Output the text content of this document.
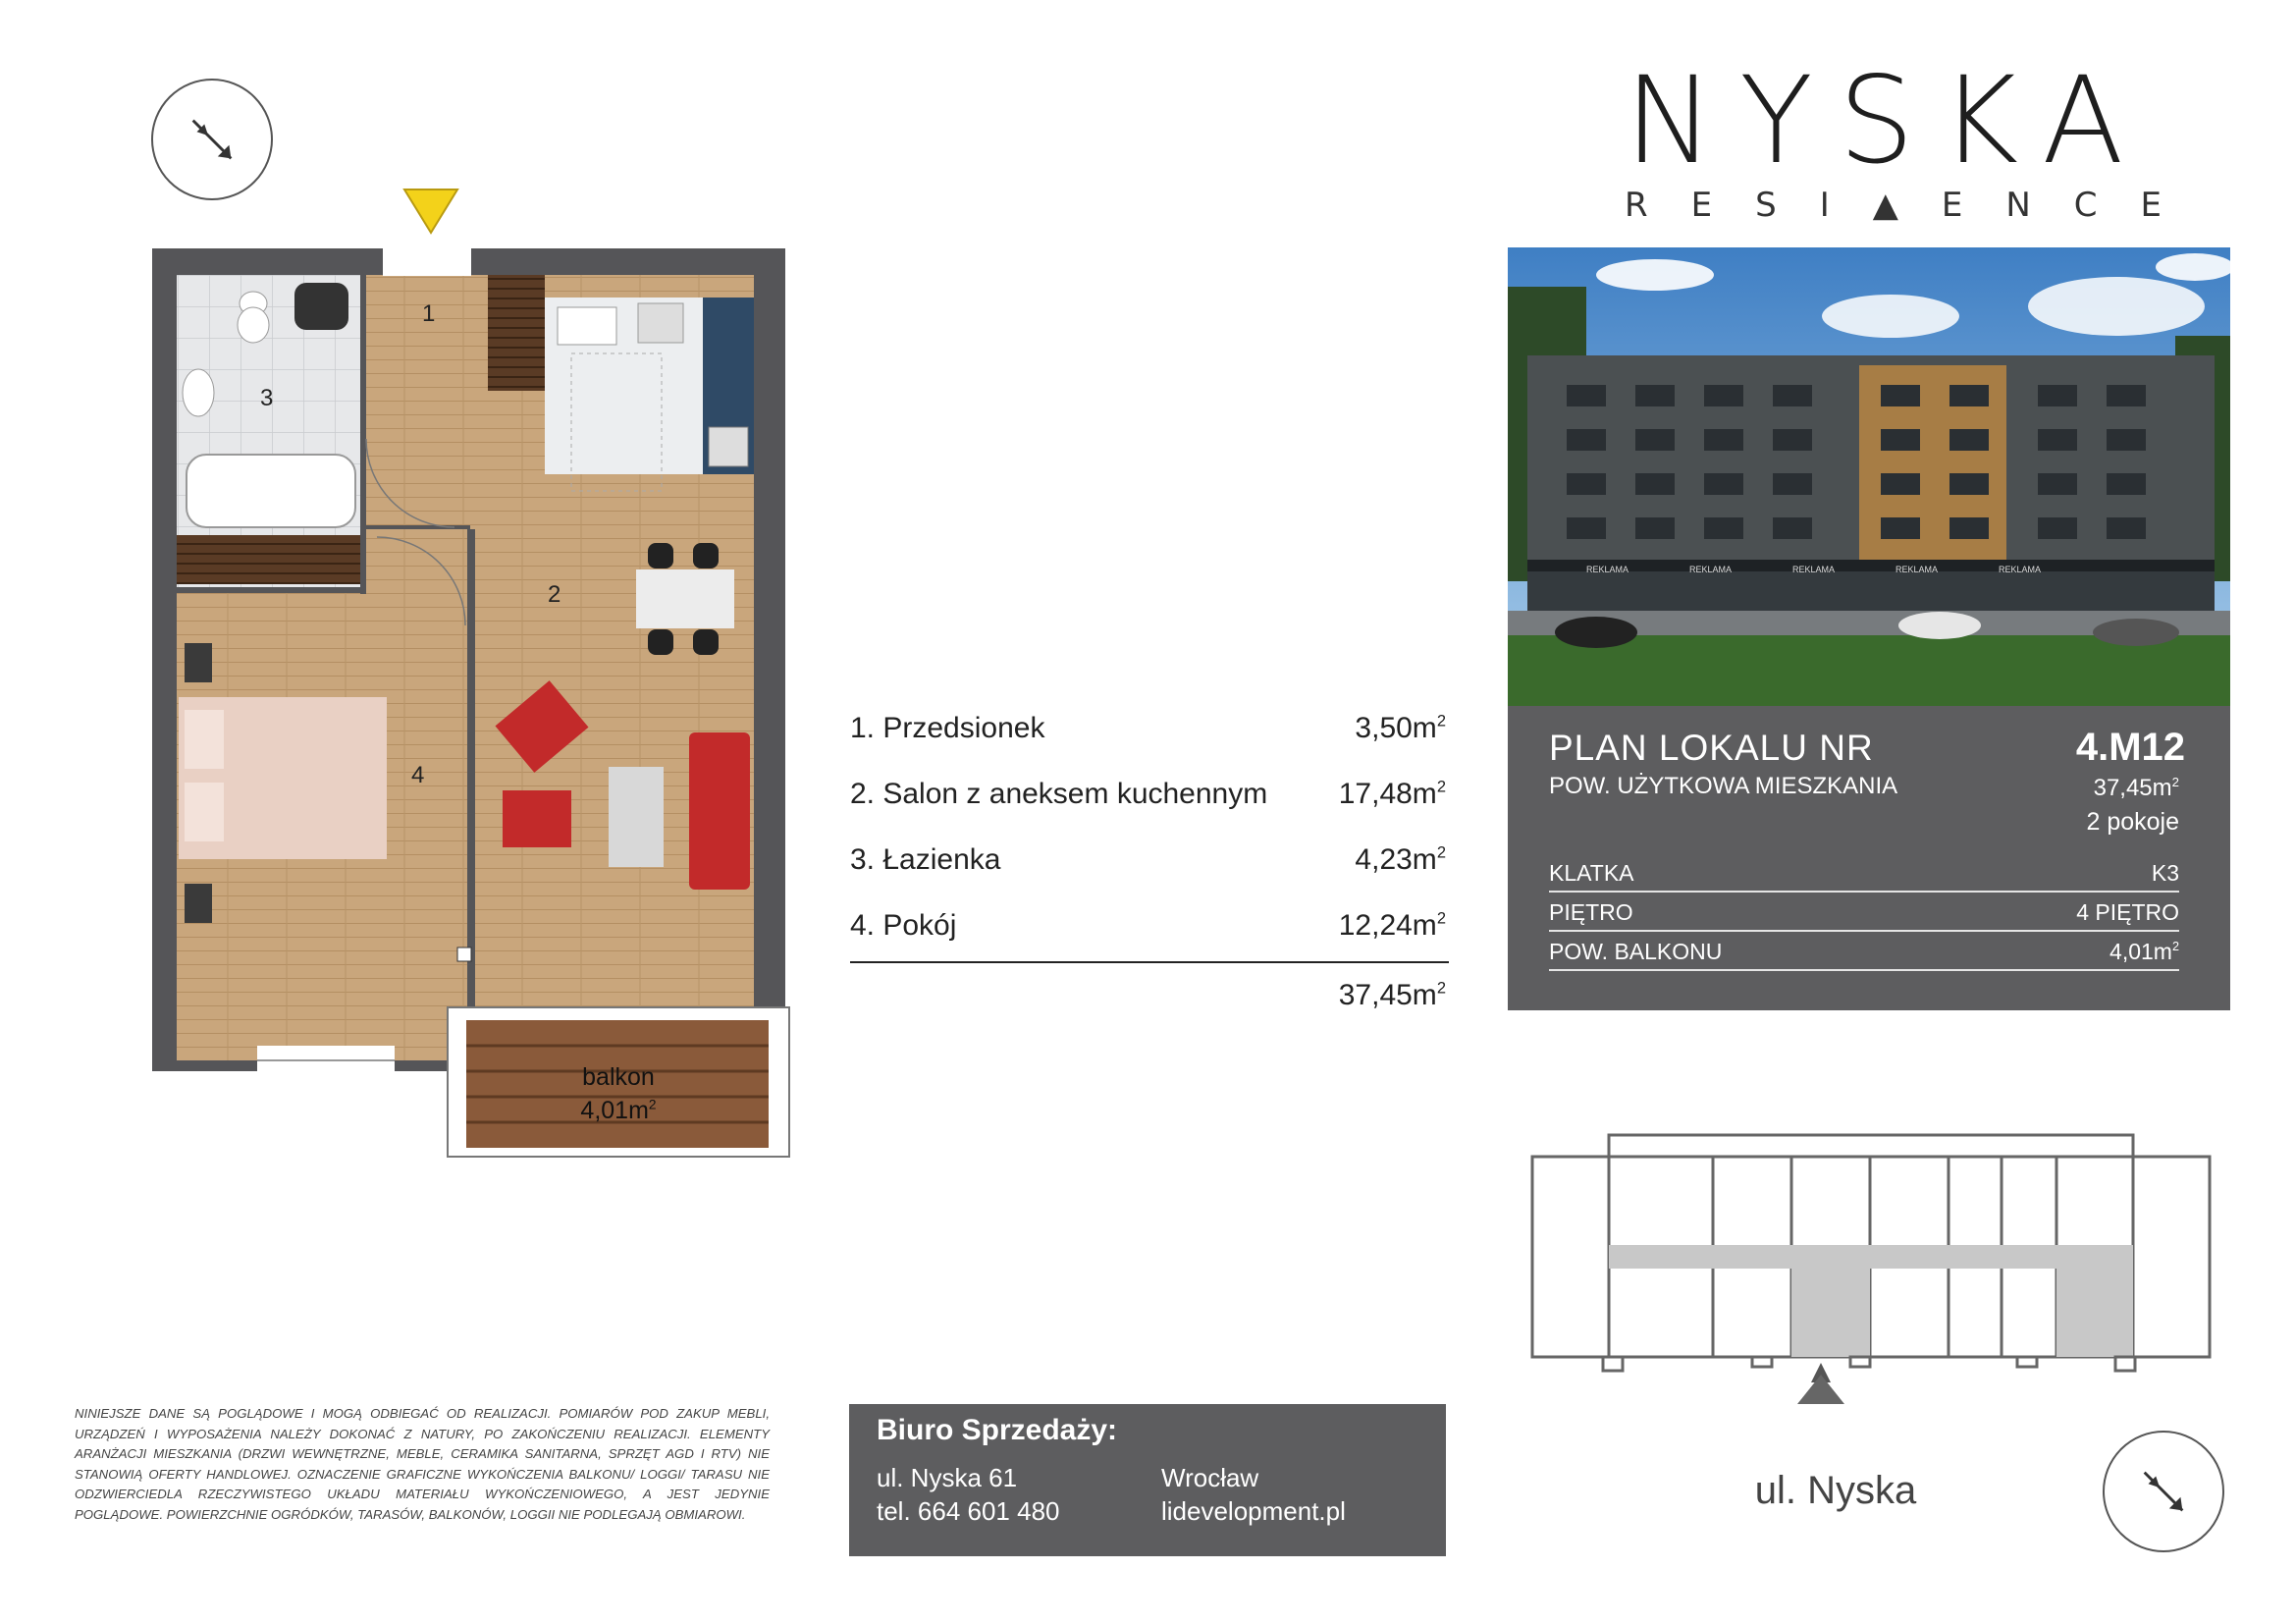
NYSKA
RESI▲ENCE
balkon
$4,01m^2$
1
2
3
4
1. Przedsionek	$3,50m^2$
2. Salon z aneksem kuchennym $17,48m^2$
3. Łazienka	$4,23m^2$
4. Pokój	$12,24m^2$
$37,45m^2$
REKLAMA	REKLAMA	REKLAMA	REKLAMA	REKLAMA
PLAN LOKALU NR	4.M12
POW. UŻYTKOWA MIESZKANIA	$37,45m^2$
2 pokoje
KLATKA	K3
PIĘTRO	4 PIĘTRO
POW. BALKONU	$4,01m^2$
ul. Nyska
NINIEJSZE DANE SĄ POGLĄDOWE I MOGĄ ODBIEGAĆ OD REALIZACJI. POMIARÓW POD ZAKUP MEBLI, URZĄDZEŃ I WYPOSAŻENIA NALEŻY DOKONAĆ Z NATURY, PO ZAKOŃCZENIU REALIZACJI. ELEMENTY ARANŻACJI MIESZKANIA (DRZWI WEWNĘTRZNE, MEBLE, CERAMIKA SANITARNA, SPRZĘT AGD I RTV) NIE STANOWIĄ OFERTY HANDLOWEJ. OZNACZENIE GRAFICZNE WYKOŃCZENIA BALKONU/ LOGGI/ TARASU NIE ODZWIERCIEDLA RZECZYWISTEGO UKŁADU MATERIAŁU WYKOŃCZENIOWEGO, A JEST JEDYNIE POGLĄDOWE. POWIERZCHNIE OGRÓDKÓW, TARASÓW, BALKONÓW, LOGGII NIE PODLEGAJĄ OBMIAROWI.
Biuro Sprzedaży:
ul. Nyska 61
tel. 664 601 480
Wrocław
lidevelopment.pl
